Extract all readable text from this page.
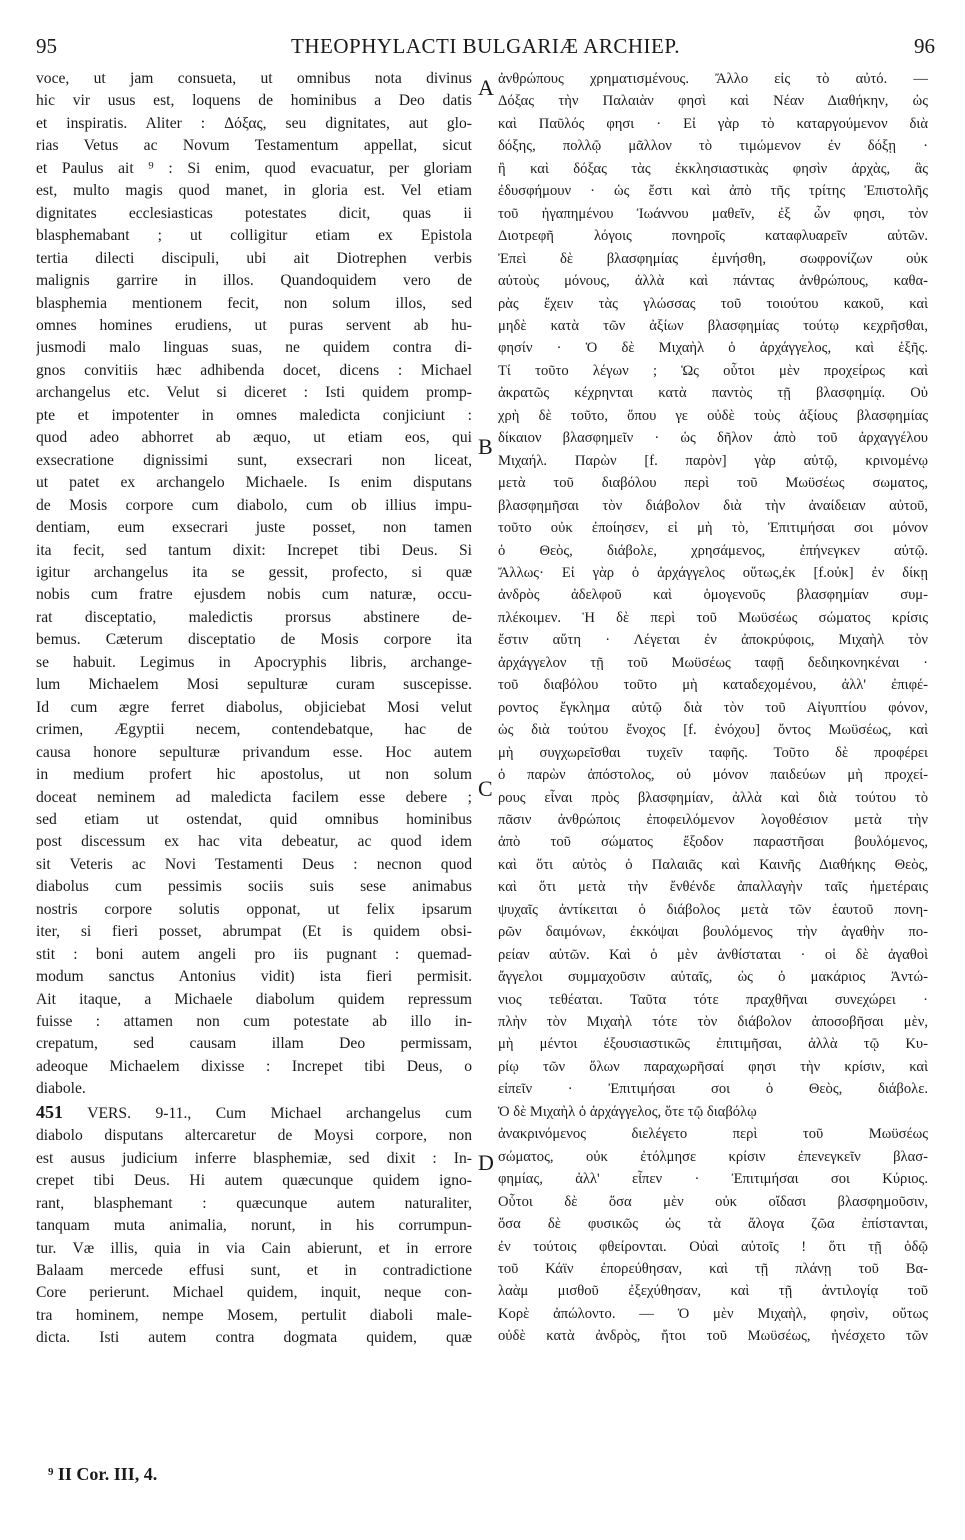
95	THEOPHYLACTI BULGARIÆ ARCHIEP.	96
voce, ut jam consueta, ut omnibus nota divinus
hic vir usus est, loquens de hominibus a Deo datis
et inspiratis. Aliter : Δόξας, seu dignitates, aut glo-
rias Vetus ac Novum Testamentum appellat, sicut
et Paulus ait ⁹ : Si enim, quod evacuatur, per gloriam
est, multo magis quod manet, in gloria est. Vel etiam
dignitates ecclesiasticas potestates dicit, quas ii
blasphemabant ; ut colligitur etiam ex Epistola
tertia dilecti discipuli, ubi ait Diotrephen verbis
malignis garrire in illos. Quandoquidem vero de
blasphemia mentionem fecit, non solum illos, sed
omnes homines erudiens, ut puras servent ab hu-
jusmodi malo linguas suas, ne quidem contra di-
gnos convitiis hæc adhibenda docet, dicens : Michael
archangelus etc. Velut si diceret : Isti quidem promp-
pte et impotenter in omnes maledicta conjiciunt :
quod adeo abhorret ab æquo, ut etiam eos, qui
exsecratione dignissimi sunt, exsecrari non liceat,
ut patet ex archangelo Michaele. Is enim disputans
de Mosis corpore cum diabolo, cum ob illius impu-
dentiam, eum exsecrari juste posset, non tamen
ita fecit, sed tantum dixit: Increpet tibi Deus. Si
igitur archangelus ita se gessit, profecto, si quæ
nobis cum fratre ejusdem nobis cum naturæ, occu-
rat disceptatio, maledictis prorsus abstinere de-
bemus. Cæterum disceptatio de Mosis corpore ita
se habuit. Legimus in Apocryphis libris, archange-
lum Michaelem Mosi sepulturæ curam suscepisse.
Id cum ægre ferret diabolus, objiciebat Mosi velut
crimen, Ægyptii necem, contendebatque, hac de
causa honore sepulturæ privandum esse. Hoc autem
in medium profert hic apostolus, ut non solum
doceat neminem ad maledicta facilem esse debere ;
sed etiam ut ostendat, quid omnibus hominibus
post discessum ex hac vita debeatur, ac quod idem
sit Veteris ac Novi Testamenti Deus : necnon quod
diabolus cum pessimis sociis suis sese animabus
nostris corpore solutis opponat, ut felix ipsarum
iter, si fieri posset, abrumpat (Et is quidem obsi-
stit : boni autem angeli pro iis pugnant : quemad-
modum sanctus Antonius vidit) ista fieri permisit.
Ait itaque, a Michaele diabolum quidem repressum
fuisse : attamen non cum potestate ab illo in-
crepatum, sed causam illam Deo permissam,
adeoque Michaelem dixisse : Increpet tibi Deus, o
diabole.
451 VERS. 9-11., Cum Michael archangelus cum
diabolo disputans altercaretur de Moysi corpore, non
est ausus judicium inferre blasphemiæ, sed dixit : In-
crepet tibi Deus. Hi autem quæcunque quidem igno-
rant, blasphemant : quæcunque autem naturaliter,
tanquam muta animalia, norunt, in his corrumpun-
tur. Væ illis, quia in via Cain abierunt, et in errore
Balaam mercede effusi sunt, et in contradictione
Core perierunt. Michael quidem, inquit, neque con-
tra hominem, nempe Mosem, pertulit diaboli male-
dicta. Isti autem contra dogmata quidem, quæ
ἀνθρώπους χρηματισμένους. Ἄλλο εἰς τὸ αὐτό. —
Δόξας τὴν Παλαιὰν φησὶ καὶ Νέαν Διαθήκην, ὡς
καὶ Παῦλός φησι · Εἰ γὰρ τὸ καταργούμενον διὰ
δόξης, πολλῷ μᾶλλον τὸ τιμώμενον ἐν δόξῃ ·
ἢ καὶ δόξας τὰς ἐκκλησιαστικὰς φησὶν ἀρχὰς, ἃς
ἐδυσφήμουν · ὡς ἔστι καὶ ἀπὸ τῆς τρίτης Ἐπιστολῆς
τοῦ ἠγαπημένου Ἰωάννου μαθεῖν, ἐξ ὧν φησι, τὸν
Διοτρεφῆ λόγοις πονηροῖς καταφλυαρεῖν αὐτῶν.
Ἐπεὶ δὲ βλασφημίας ἐμνήσθη, σωφρονίζων οὐκ
αὐτοὺς μόνους, ἀλλὰ καὶ πάντας ἀνθρώπους, καθα-
ρὰς ἔχειν τὰς γλώσσας τοῦ τοιούτου κακοῦ, καὶ
μηδὲ κατὰ τῶν ἀξίων βλασφημίας τούτῳ κεχρῆσθαι,
φησίν · Ὁ δὲ Μιχαὴλ ὁ ἀρχάγγελος, καὶ ἑξῆς.
Τί τοῦτο λέγων ; Ὡς οὗτοι μὲν προχείρως καὶ
ἀκρατῶς κέχρηνται κατὰ παντὸς τῇ βλασφημίᾳ. Οὐ
χρὴ δὲ τοῦτο, ὅπου γε οὐδὲ τοὺς ἀξίους βλασφημίας
δίκαιον βλασφημεῖν · ὡς δῆλον ἀπὸ τοῦ ἀρχαγγέλου
Μιχαήλ. Παρὼν [f. παρὸν] γὰρ αὐτῷ, κρινομένῳ
μετὰ τοῦ διαβόλου περὶ τοῦ Μωϋσέως σωματος,
βλασφημῆσαι τὸν διάβολον διὰ τὴν ἀναίδειαν αὐτοῦ,
τοῦτο οὐκ ἐποίησεν, εἰ μὴ τὸ, Ἐπιτιμήσαι σοι μόνον
ὁ Θεὸς, διάβολε, χρησάμενος, ἐπήνεγκεν αὐτῷ.
Ἄλλως· Εἰ γὰρ ὁ ἀρχάγγελος οὕτως,ἐκ [f.οὐκ] ἐν δίκῃ
ἀνδρὸς ἀδελφοῦ καὶ ὁμογενοῦς βλασφημίαν συμ-
πλέκοιμεν. Ἡ δὲ περὶ τοῦ Μωϋσέως σώματος κρίσις
ἔστιν αὕτη · Λέγεται ἐν ἀποκρύφοις, Μιχαὴλ τὸν
ἀρχάγγελον τῇ τοῦ Μωϋσέως ταφῇ δεδιηκονηκέναι ·
τοῦ διαβόλου τοῦτο μὴ καταδεχομένου, ἀλλ' ἐπιφέ-
ροντος ἔγκλημα αὐτῷ διὰ τὸν τοῦ Αἰγυπτίου φόνον,
ὡς διὰ τούτου ἔνοχος [f. ἐνόχου] ὄντος Μωϋσέως, καὶ
μὴ συγχωρεῖσθαι τυχεῖν ταφῆς. Τοῦτο δὲ προφέρει
ὁ παρὼν ἀπόστολος, οὐ μόνον παιδεύων μὴ προχεί-
ρους εἶναι πρὸς βλασφημίαν, ἀλλὰ καὶ διὰ τούτου τὸ
πᾶσιν ἀνθρώποις ἐποφειλόμενον λογοθέσιον μετὰ τὴν
ἀπὸ τοῦ σώματος ἔξοδον παραστῆσαι βουλόμενος,
καὶ ὅτι αὐτὸς ὁ Παλαιᾶς καὶ Καινῆς Διαθήκης Θεὸς,
καὶ ὅτι μετὰ τὴν ἔνθένδε ἀπαλλαγὴν ταῖς ἡμετέραις
ψυχαῖς ἀντίκειται ὁ διάβολος μετὰ τῶν ἑαυτοῦ πονη-
ρῶν δαιμόνων, ἐκκόψαι βουλόμενος τὴν ἀγαθὴν πο-
ρείαν αὐτῶν. Καὶ ὁ μὲν ἀνθίσταται · οἱ δὲ ἀγαθοὶ
ἄγγελοι συμμαχοῦσιν αὐταῖς, ὡς ὁ μακάριος Ἀντώ-
νιος τεθέαται. Ταῦτα τότε πραχθῆναι συνεχώρει ·
πλὴν τὸν Μιχαὴλ τότε τὸν διάβολον ἀποσοβῆσαι μὲν,
μὴ μέντοι ἐξουσιαστικῶς ἐπιτιμῆσαι, ἀλλὰ τῷ Κυ-
ρίῳ τῶν ὅλων παραχωρῆσαί φησι τὴν κρίσιν, καὶ
εἰπεῖν · Ἐπιτιμήσαι σοι ὁ Θεὸς, διάβολε.
Ὁ δὲ Μιχαὴλ ὁ ἀρχάγγελος, ὅτε τῷ διαβόλῳ
ἀνακρινόμενος διελέγετο περὶ τοῦ Μωϋσέως
σώματος, οὐκ ἐτόλμησε κρίσιν ἐπενεγκεῖν βλασ-
φημίας, ἀλλ' εἶπεν · Ἐπιτιμήσαι σοι Κύριος.
Οὗτοι δὲ ὅσα μὲν οὐκ οἴδασι βλασφημοῦσιν,
ὅσα δὲ φυσικῶς ὡς τὰ ἄλογα ζῶα ἐπίστανται,
ἐν τούτοις φθείρονται. Οὐαὶ αὐτοῖς ! ὅτι τῇ ὁδῷ
τοῦ Κάϊν ἐπορεύθησαν, καὶ τῇ πλάνῃ τοῦ Βα-
λαὰμ μισθοῦ ἐξεχύθησαν, καὶ τῇ ἀντιλογίᾳ τοῦ
Κορὲ ἀπώλοντο. — Ὁ μὲν Μιχαὴλ, φησὶν, οὔτως
οὐδὲ κατὰ ἀνδρὸς, ἤτοι τοῦ Μωϋσέως, ἠνέσχετο τῶν
A
B
C
D
⁹ II Cor. III, 4.
